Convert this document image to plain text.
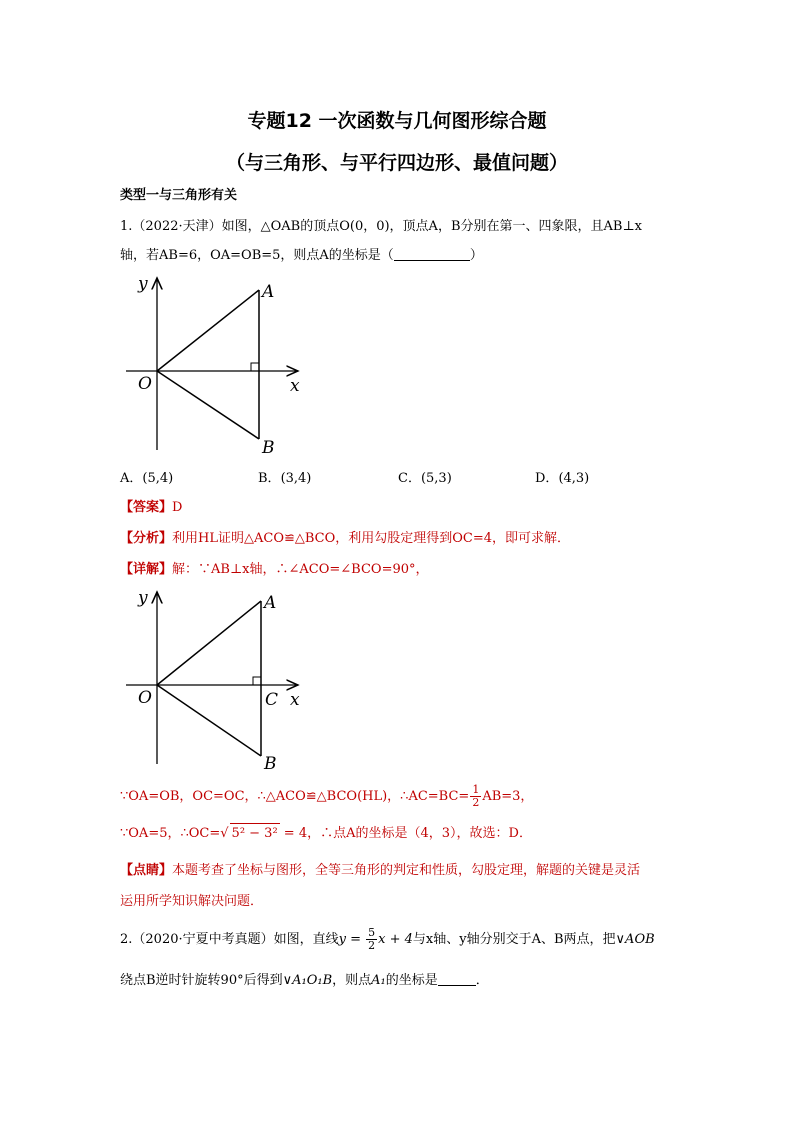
专题12 一次函数与几何图形综合题
（与三角形、与平行四边形、最值问题）
类型一与三角形有关
1.（2022·天津）如图，△OAB的顶点O(0，0)，顶点A，B分别在第一、四象限，且AB⊥x
轴，若AB=6，OA=OB=5，则点A的坐标是（	）
y
x
O
A
B
A．(5,4)	B．(3,4)	C．(5,3)	D．(4,3)
【答案】D
【分析】利用HL证明△ACO≌△BCO，利用勾股定理得到OC=4，即可求解．
【详解】解：∵AB⊥x轴，∴∠ACO=∠BCO=90°，
y
x
O	C
A
B
∵OA=OB，OC=OC，∴△ACO≌△BCO(HL)，∴AC=BC= $\frac{1}{2} AB=3$，
∵OA=5，∴OC=√ 5² − 3² = 4，∴点A的坐标是（4，3），故选：D．
【点睛】本题考查了坐标与图形，全等三角形的判定和性质，勾股定理，解题的关键是灵活
运用所学知识解决问题．
2.（2020·宁夏中考真题）如图，直线$y = \frac{5}{2}$ x + 4与x轴、y轴分别交于A、B两点，把∨AOB
绕点B逆时针旋转90°后得到∨A₁O₁B，则点A₁的坐标是	．
